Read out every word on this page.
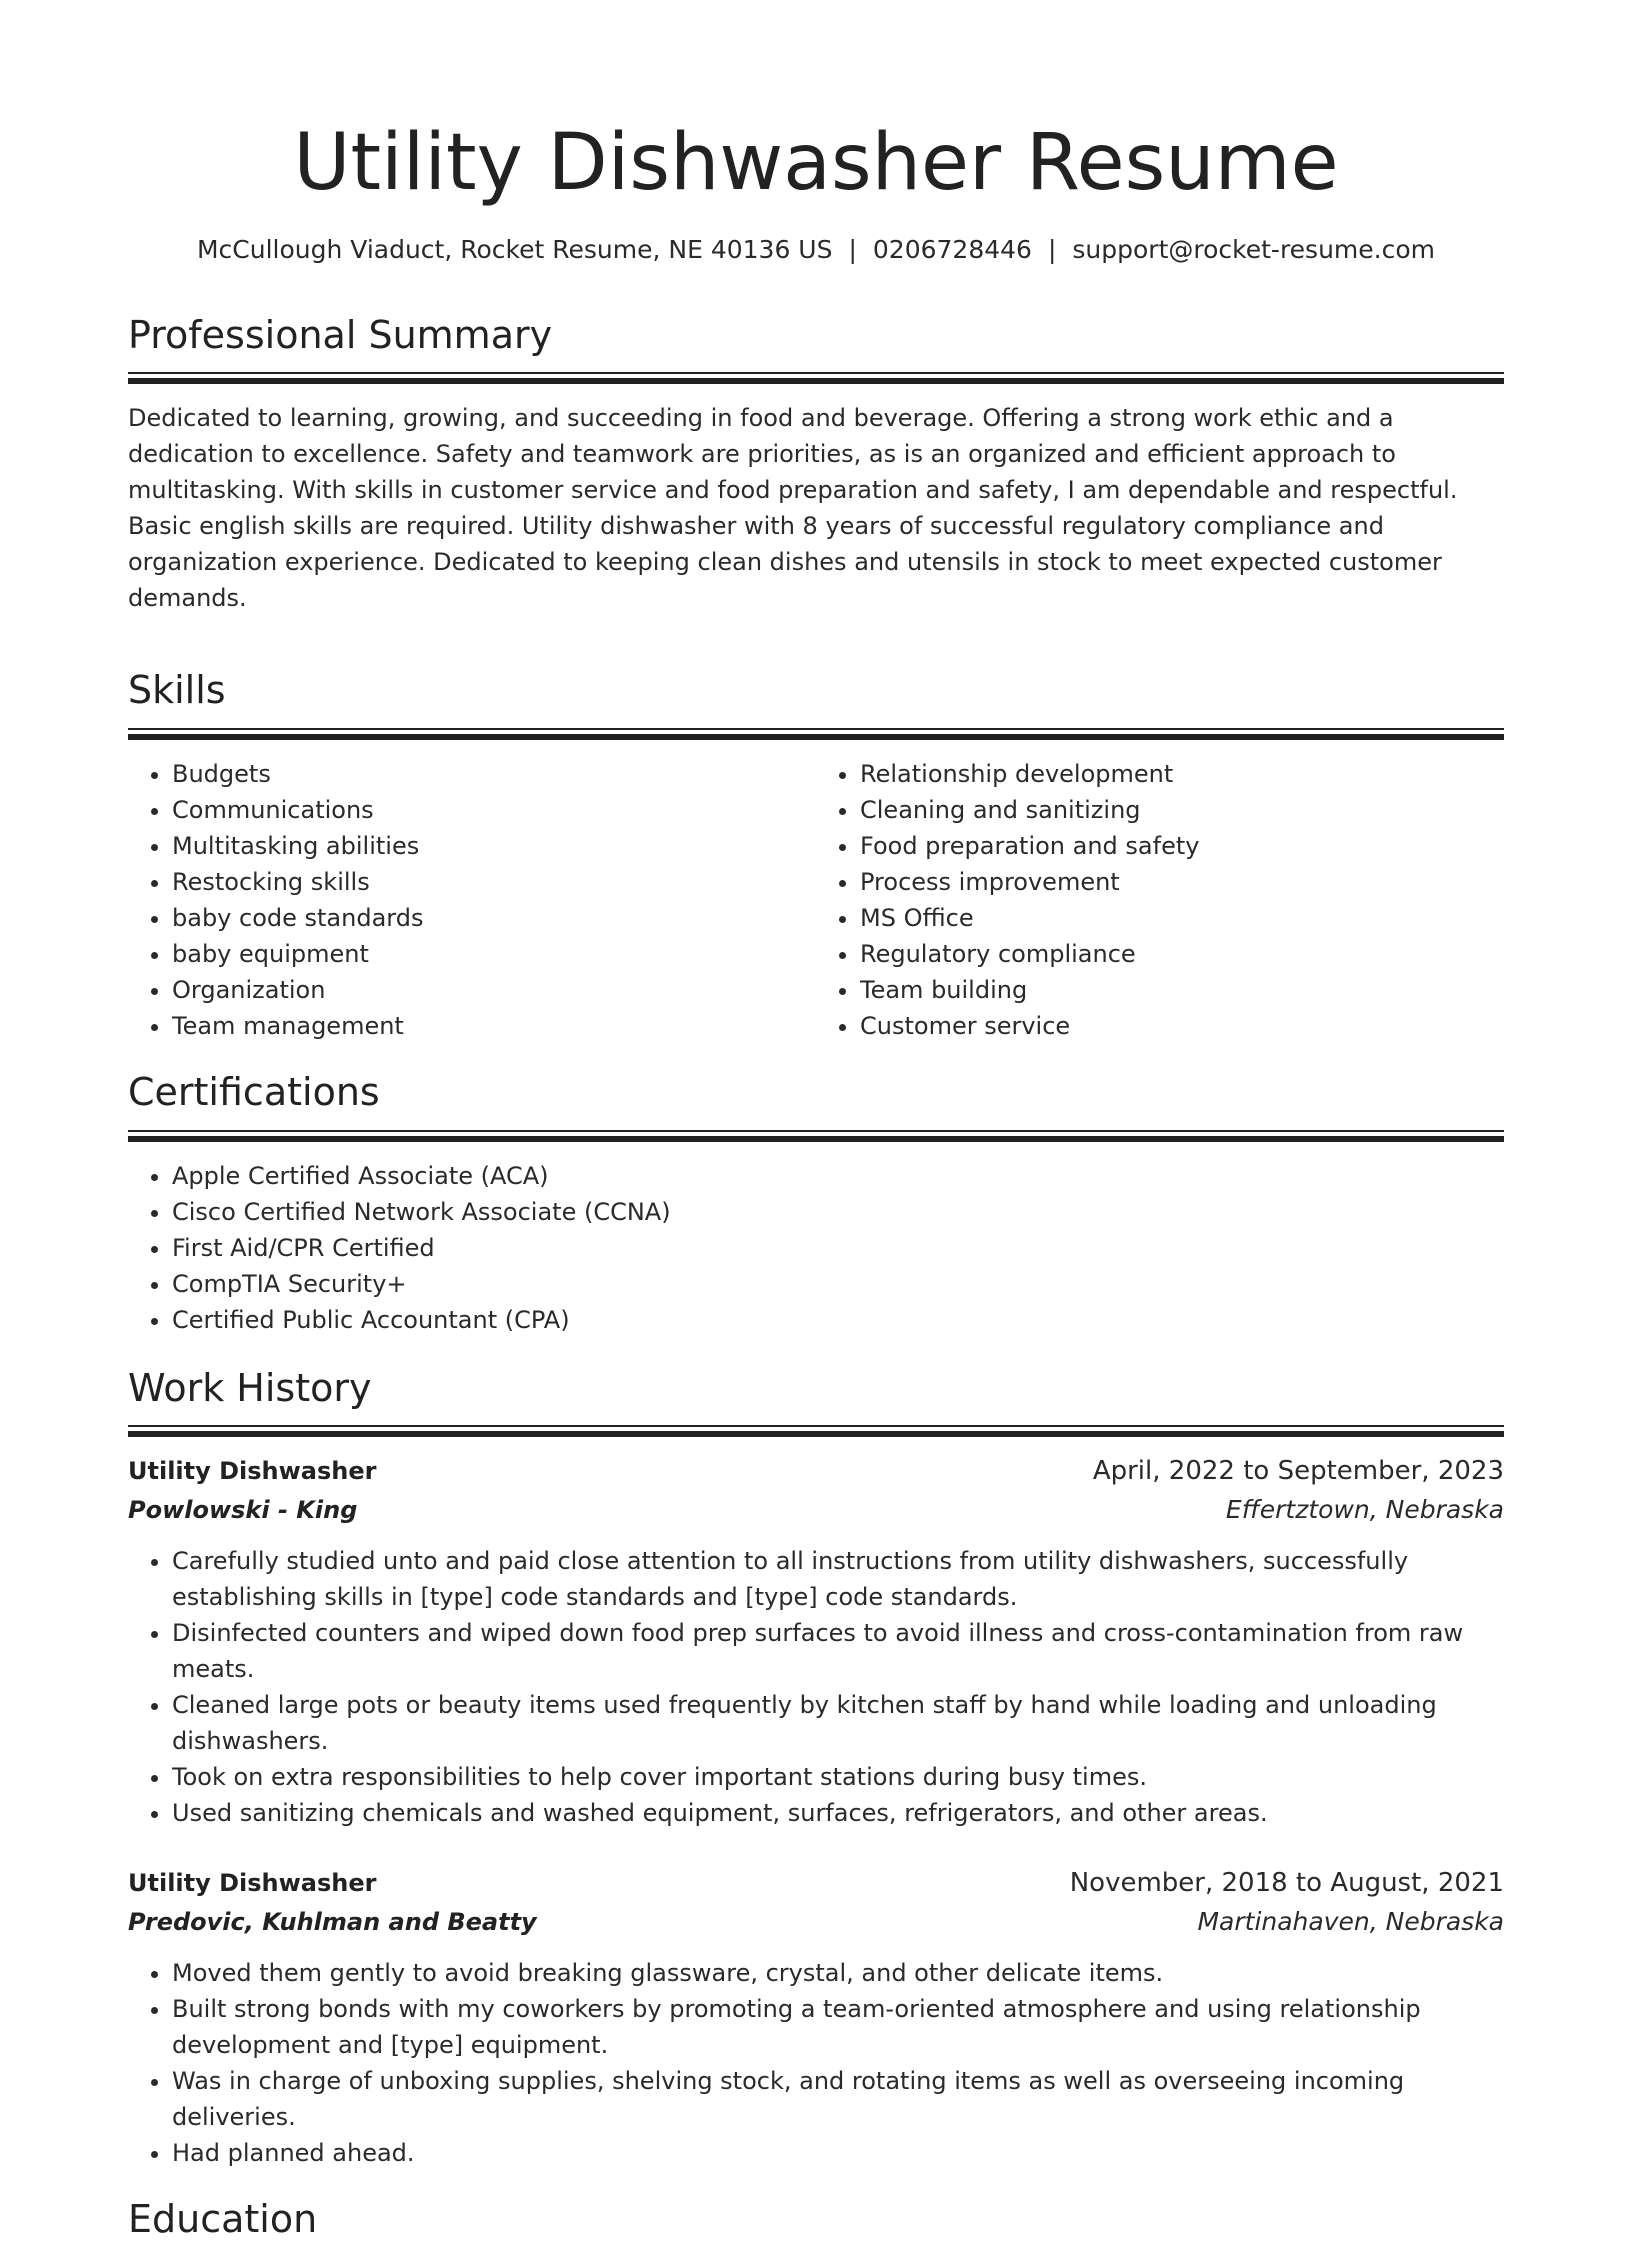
Utility Dishwasher Resume
McCullough Viaduct, Rocket Resume, NE 40136 US | 0206728446 | support@rocket-resume.com
Professional Summary

Dedicated to learning, growing, and succeeding in food and beverage. Offering a strong work ethic and a dedication to excellence. Safety and teamwork are priorities, as is an organized and efficient approach to multitasking. With skills in customer service and food preparation and safety, I am dependable and respectful. Basic english skills are required. Utility dishwasher with 8 years of successful regulatory compliance and organization experience. Dedicated to keeping clean dishes and utensils in stock to meet expected customer demands.

Skills
• Budgets
• Communications
• Multitasking abilities
• Restocking skills
• baby code standards
• baby equipment
• Organization
• Team management
• Relationship development
• Cleaning and sanitizing
• Food preparation and safety
• Process improvement
• MS Office
• Regulatory compliance
• Team building
• Customer service
Certifications
• Apple Certified Associate (ACA)
• Cisco Certified Network Associate (CCNA)
• First Aid/CPR Certified
• CompTIA Security+
• Certified Public Accountant (CPA)
Work History
Utility Dishwasher	April, 2022 to September, 2023
Powlowski - King	Effertztown, Nebraska
• Carefully studied unto and paid close attention to all instructions from utility dishwashers, successfully establishing skills in [type] code standards and [type] code standards.
• Disinfected counters and wiped down food prep surfaces to avoid illness and cross-contamination from raw meats.
• Cleaned large pots or beauty items used frequently by kitchen staff by hand while loading and unloading dishwashers.
• Took on extra responsibilities to help cover important stations during busy times.
• Used sanitizing chemicals and washed equipment, surfaces, refrigerators, and other areas.
Utility Dishwasher	November, 2018 to August, 2021
Predovic, Kuhlman and Beatty	Martinahaven, Nebraska
• Moved them gently to avoid breaking glassware, crystal, and other delicate items.
• Built strong bonds with my coworkers by promoting a team-oriented atmosphere and using relationship development and [type] equipment.
• Was in charge of unboxing supplies, shelving stock, and rotating items as well as overseeing incoming deliveries.
• Had planned ahead.
Education
